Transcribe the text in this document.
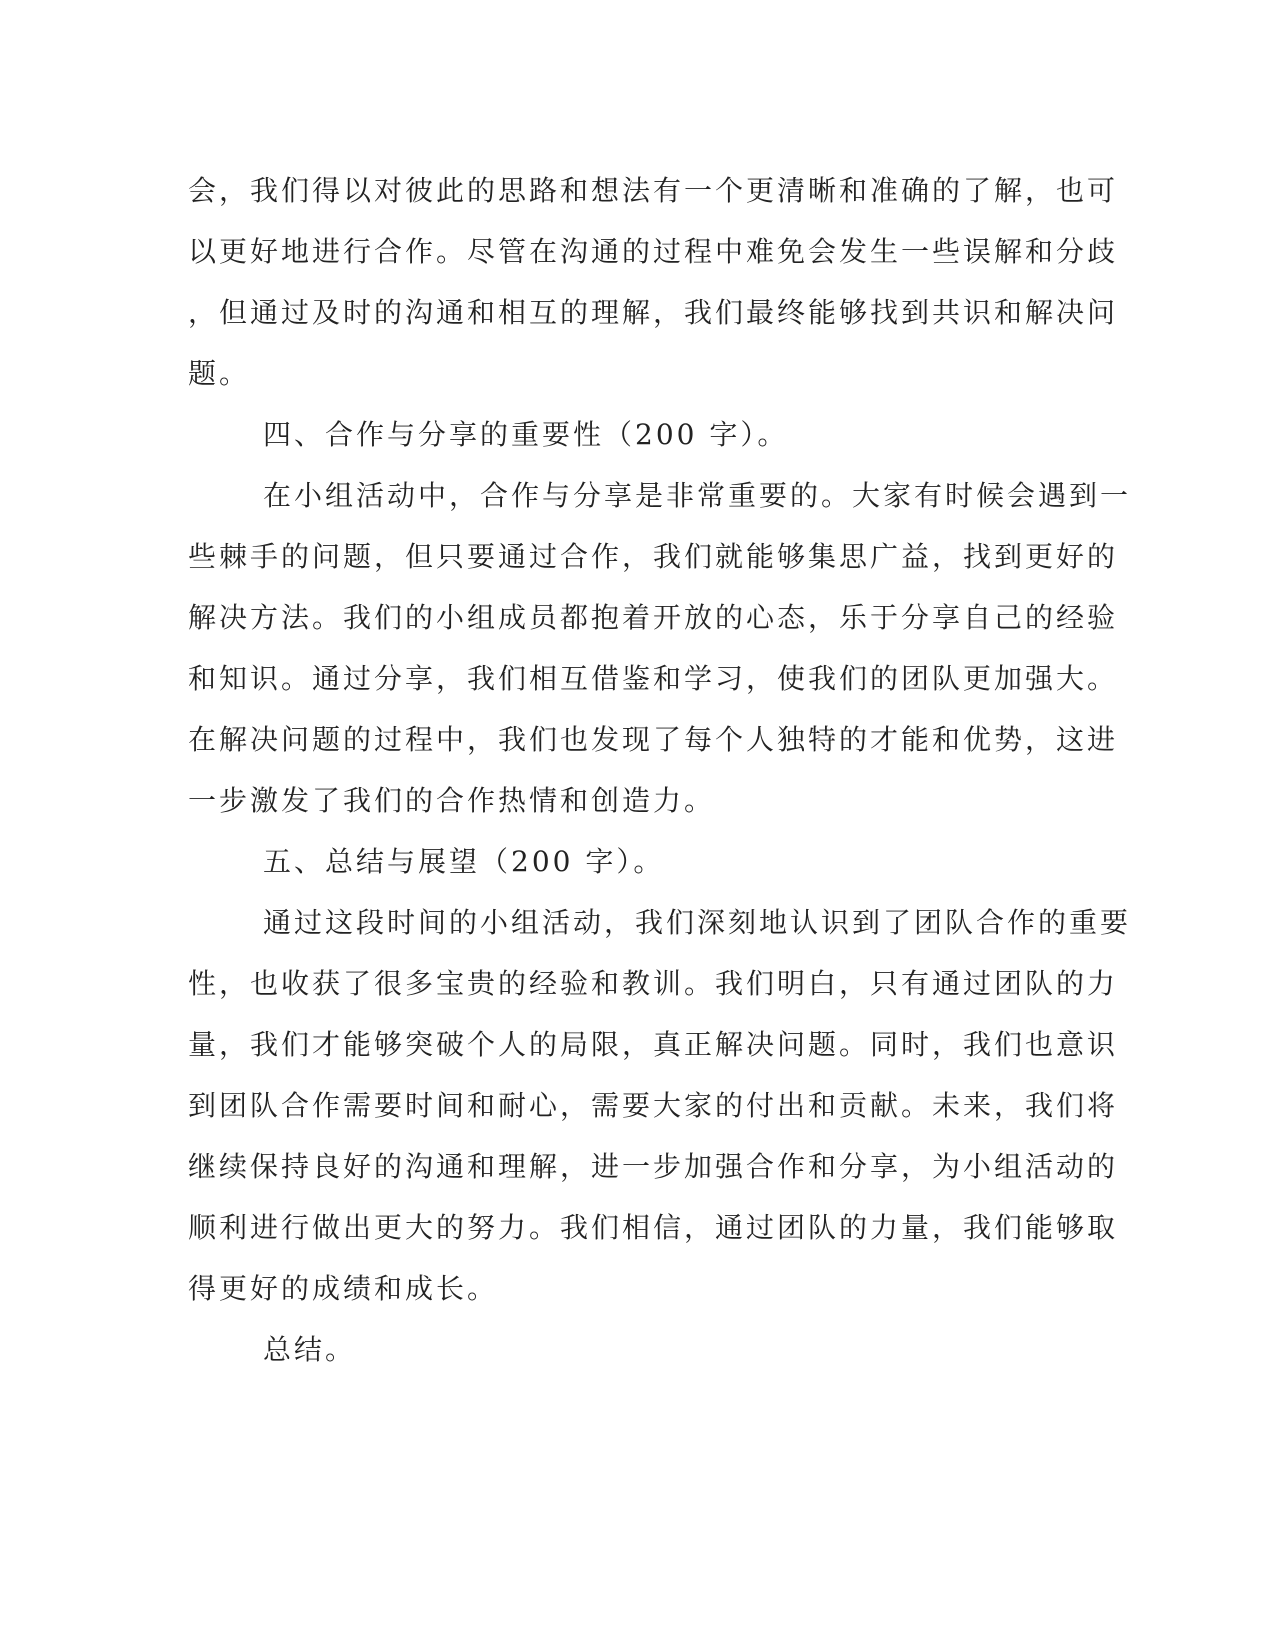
会，我们得以对彼此的思路和想法有一个更清晰和准确的了解，也可
以更好地进行合作。尽管在沟通的过程中难免会发生一些误解和分歧
，但通过及时的沟通和相互的理解，我们最终能够找到共识和解决问
题。
四、合作与分享的重要性（200 字）。
在小组活动中，合作与分享是非常重要的。大家有时候会遇到一
些棘手的问题，但只要通过合作，我们就能够集思广益，找到更好的
解决方法。我们的小组成员都抱着开放的心态，乐于分享自己的经验
和知识。通过分享，我们相互借鉴和学习，使我们的团队更加强大。
在解决问题的过程中，我们也发现了每个人独特的才能和优势，这进
一步激发了我们的合作热情和创造力。
五、总结与展望（200 字）。
通过这段时间的小组活动，我们深刻地认识到了团队合作的重要
性，也收获了很多宝贵的经验和教训。我们明白，只有通过团队的力
量，我们才能够突破个人的局限，真正解决问题。同时，我们也意识
到团队合作需要时间和耐心，需要大家的付出和贡献。未来，我们将
继续保持良好的沟通和理解，进一步加强合作和分享，为小组活动的
顺利进行做出更大的努力。我们相信，通过团队的力量，我们能够取
得更好的成绩和成长。
总结。
